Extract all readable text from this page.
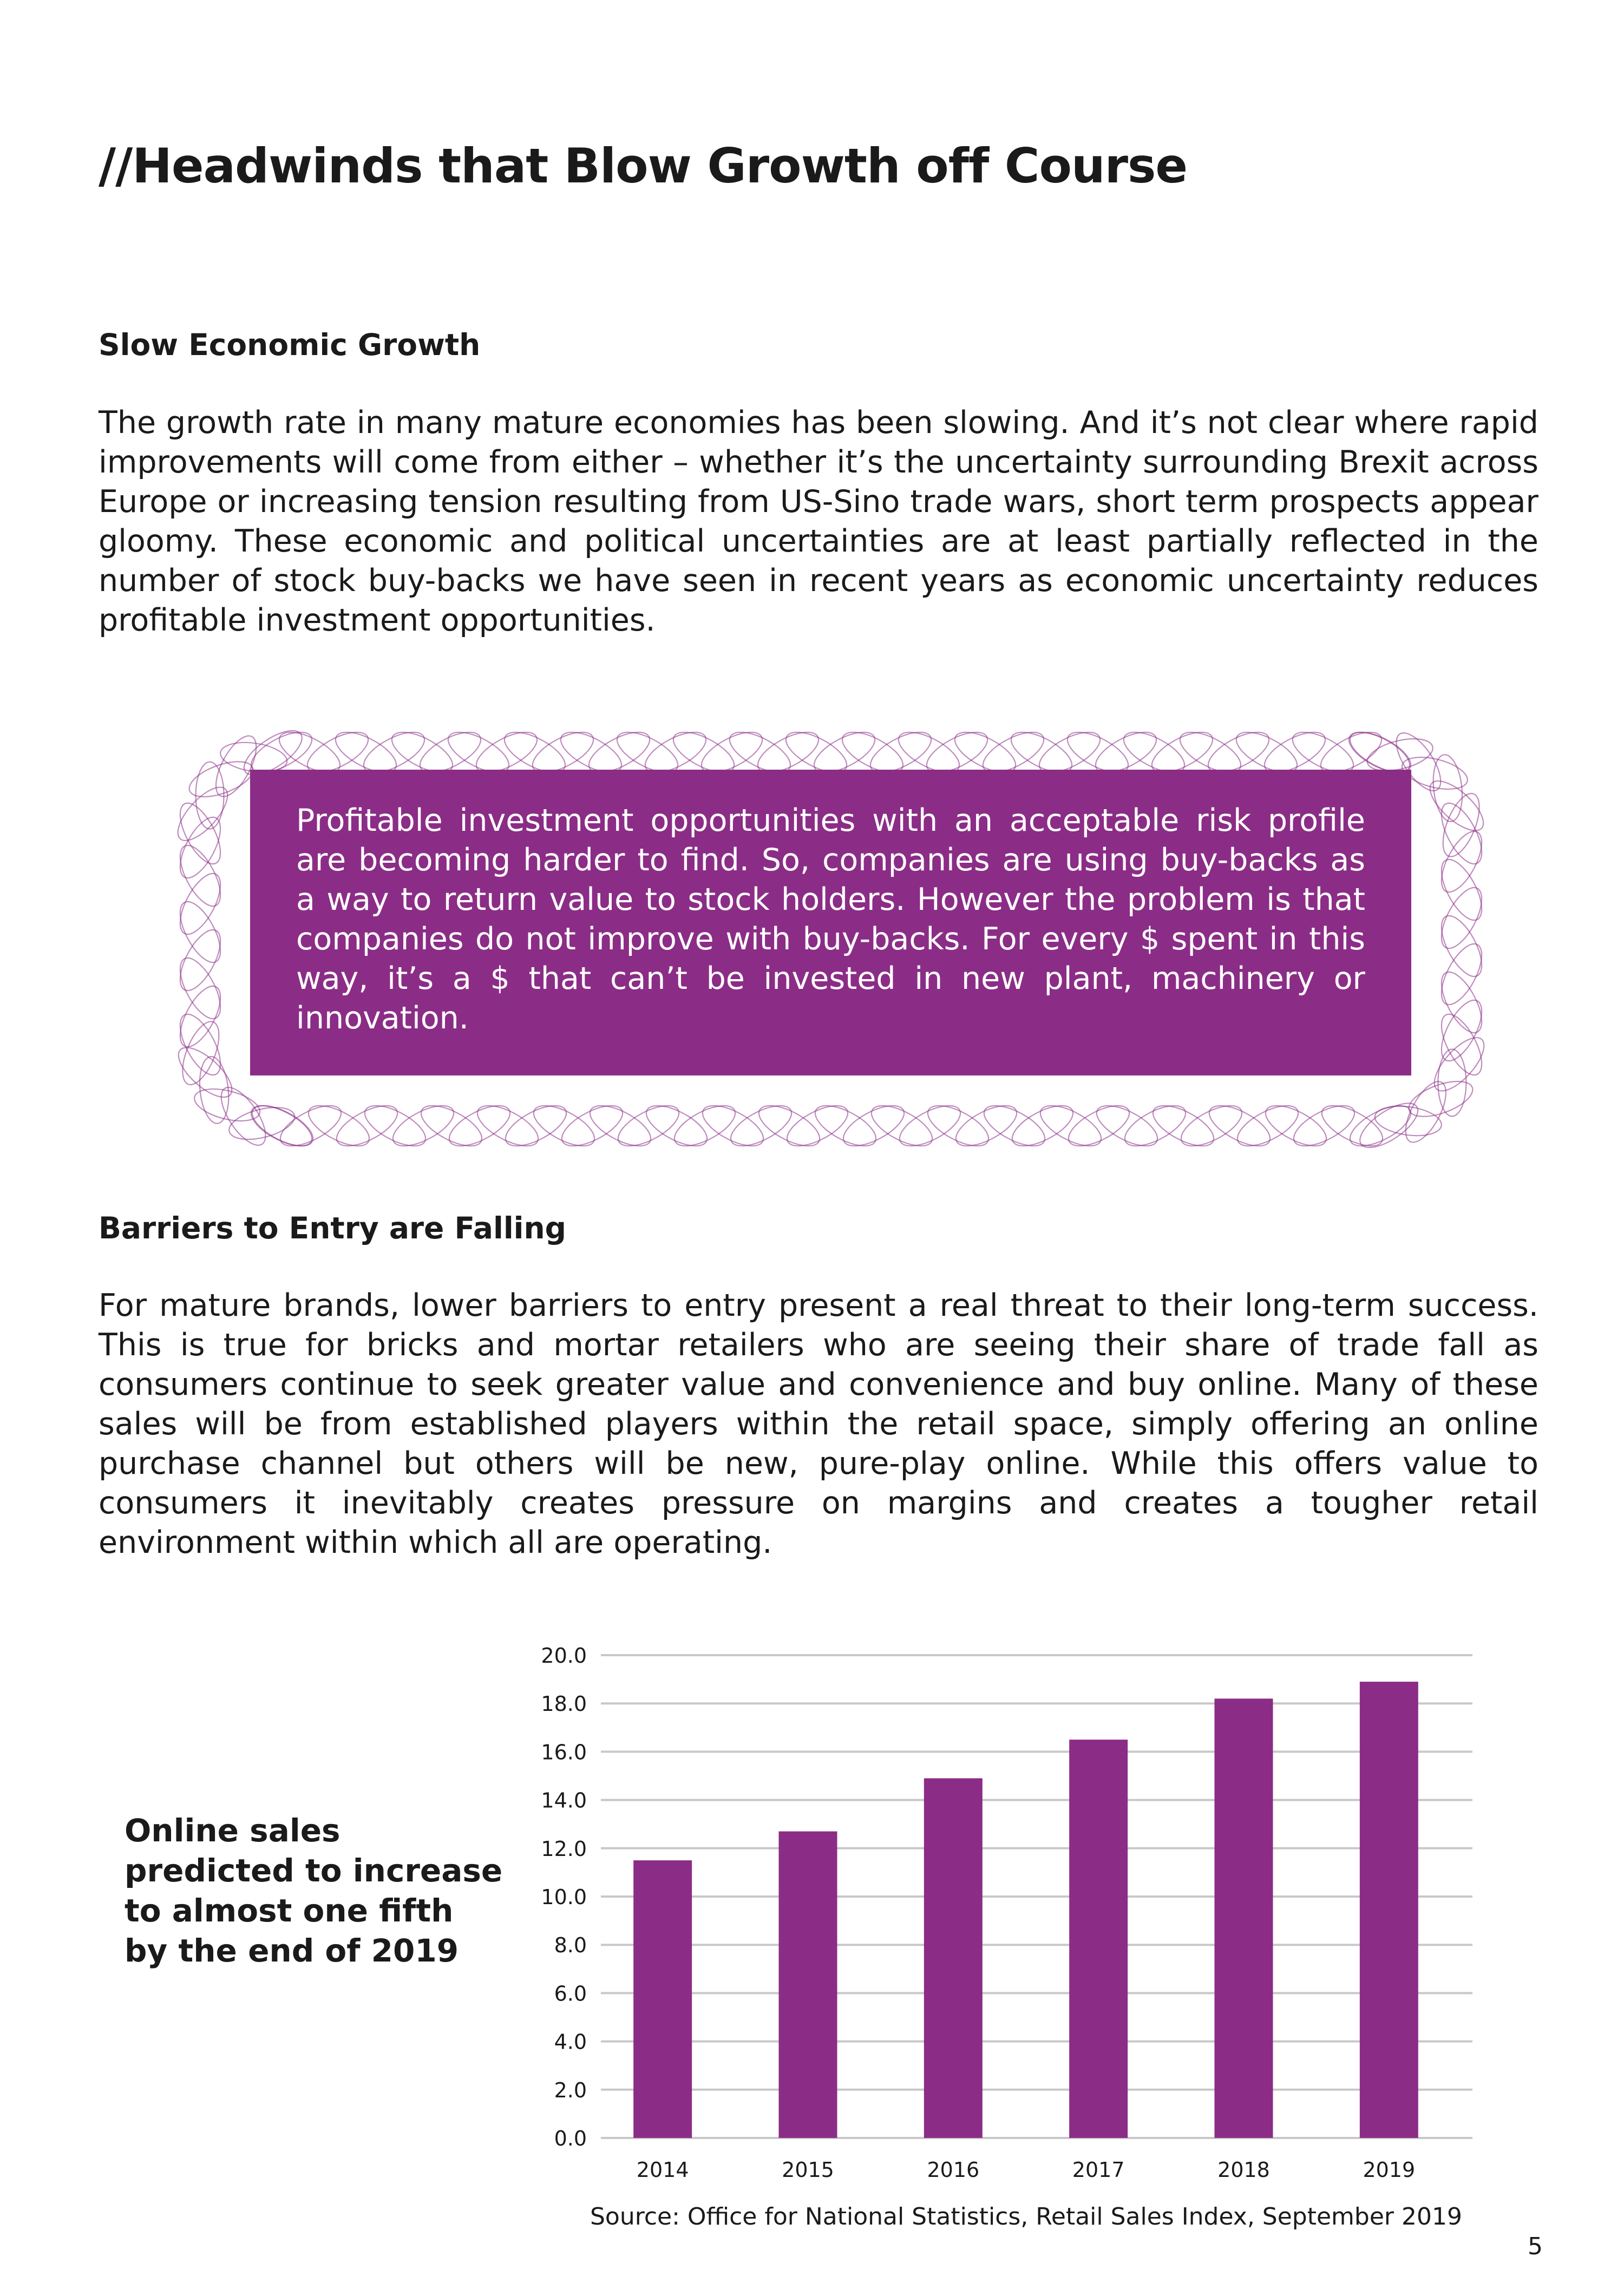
//Headwinds that Blow Growth off Course
Slow Economic Growth

The growth rate in many mature economies has been slowing. And it’s not clear where rapid improvements will come from either – whether it’s the uncertainty surrounding Brexit across Europe or increasing tension resulting from US-Sino trade wars, short term prospects appear gloomy. These economic and political uncertainties are at least partially reflected in the number of stock buy-backs we have seen in recent years as economic uncertainty reduces profitable investment opportunities.

Profitable investment opportunities with an acceptable risk profile are becoming harder to find. So, companies are using buy-backs as a way to return value to stock holders. However the problem is that companies do not improve with buy-backs. For every $ spent in this way, it’s a $ that can’t be invested in new plant, machinery or innovation.

Barriers to Entry are Falling

For mature brands, lower barriers to entry present a real threat to their long-term success. This is true for bricks and mortar retailers who are seeing their share of trade fall as consumers continue to seek greater value and convenience and buy online. Many of these sales will be from established players within the retail space, simply offering an online purchase channel but others will be new, pure-play online. While this offers value to consumers it inevitably creates pressure on margins and creates a tougher retail environment within which all are operating.

Online sales predicted to increase to almost one fifth by the end of 2019

0.0
2.0
4.0
6.0
8.0
10.0
12.0
14.0
16.0
18.0
20.0
2014	2015	2016	2017	2018	2019

Source: Office for National Statistics, Retail Sales Index, September 2019

5
